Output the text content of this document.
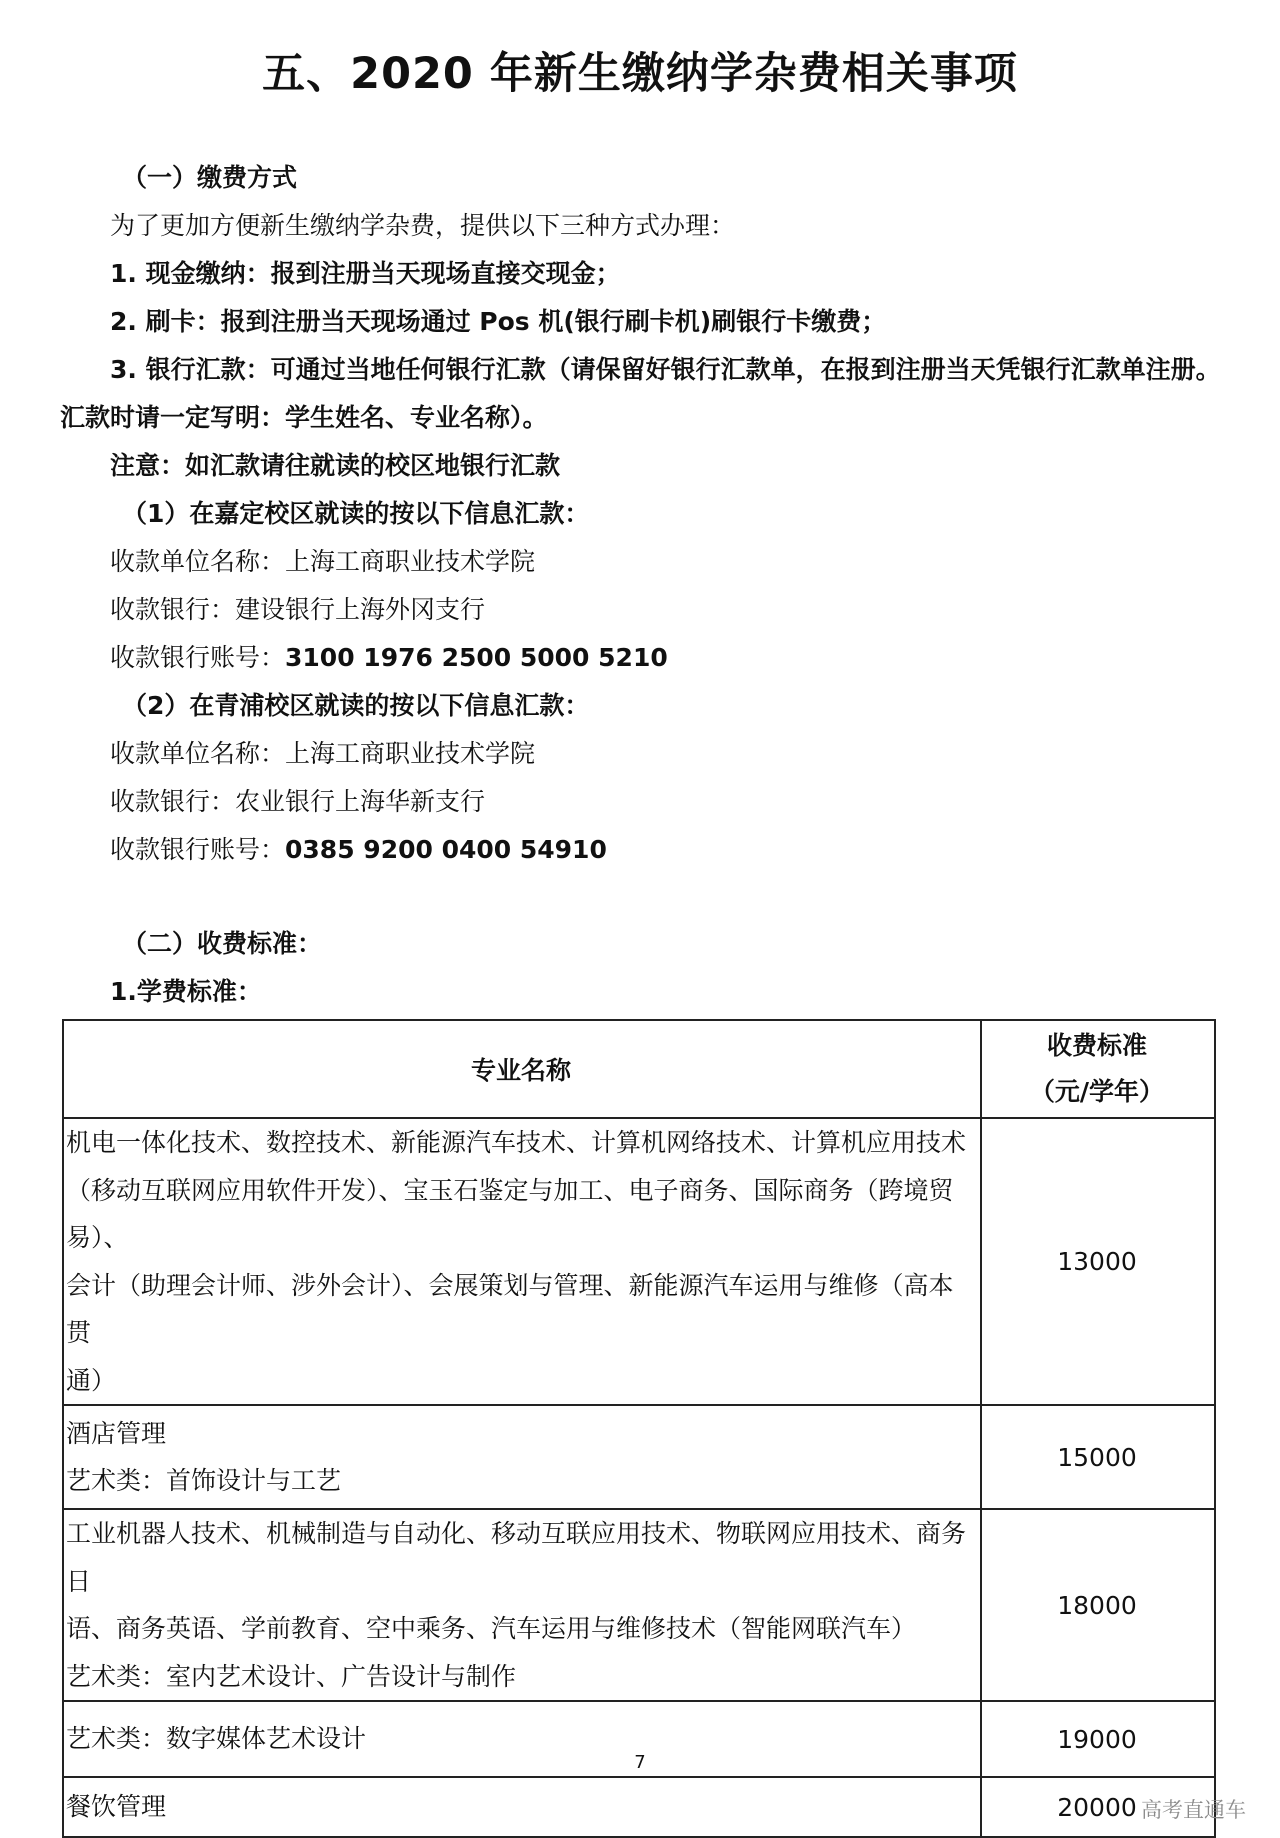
五、2020 年新生缴纳学杂费相关事项
（一）缴费方式
为了更加方便新生缴纳学杂费，提供以下三种方式办理：
1. 现金缴纳：报到注册当天现场直接交现金；
2. 刷卡：报到注册当天现场通过 Pos 机(银行刷卡机)刷银行卡缴费；
3. 银行汇款：可通过当地任何银行汇款（请保留好银行汇款单，在报到注册当天凭银行汇款单注册。
汇款时请一定写明：学生姓名、专业名称）。
注意：如汇款请往就读的校区地银行汇款
（1）在嘉定校区就读的按以下信息汇款：
收款单位名称：上海工商职业技术学院
收款银行：建设银行上海外冈支行
收款银行账号：3100 1976 2500 5000 5210
（2）在青浦校区就读的按以下信息汇款：
收款单位名称：上海工商职业技术学院
收款银行：农业银行上海华新支行
收款银行账号：0385 9200 0400 54910
（二）收费标准：
1.学费标准：
专业名称	收费标准
（元/学年）

机电一体化技术、数控技术、新能源汽车技术、计算机网络技术、计算机应用技术
（移动互联网应用软件开发）、宝玉石鉴定与加工、电子商务、国际商务（跨境贸易）、
会计（助理会计师、涉外会计）、会展策划与管理、新能源汽车运用与维修（高本贯
通）	13000

酒店管理
艺术类：首饰设计与工艺	15000

工业机器人技术、机械制造与自动化、移动互联应用技术、物联网应用技术、商务日
语、商务英语、学前教育、空中乘务、汽车运用与维修技术（智能网联汽车）
艺术类：室内艺术设计、广告设计与制作	18000

艺术类：数字媒体艺术设计	19000

餐饮管理	20000
7
高考直通车
